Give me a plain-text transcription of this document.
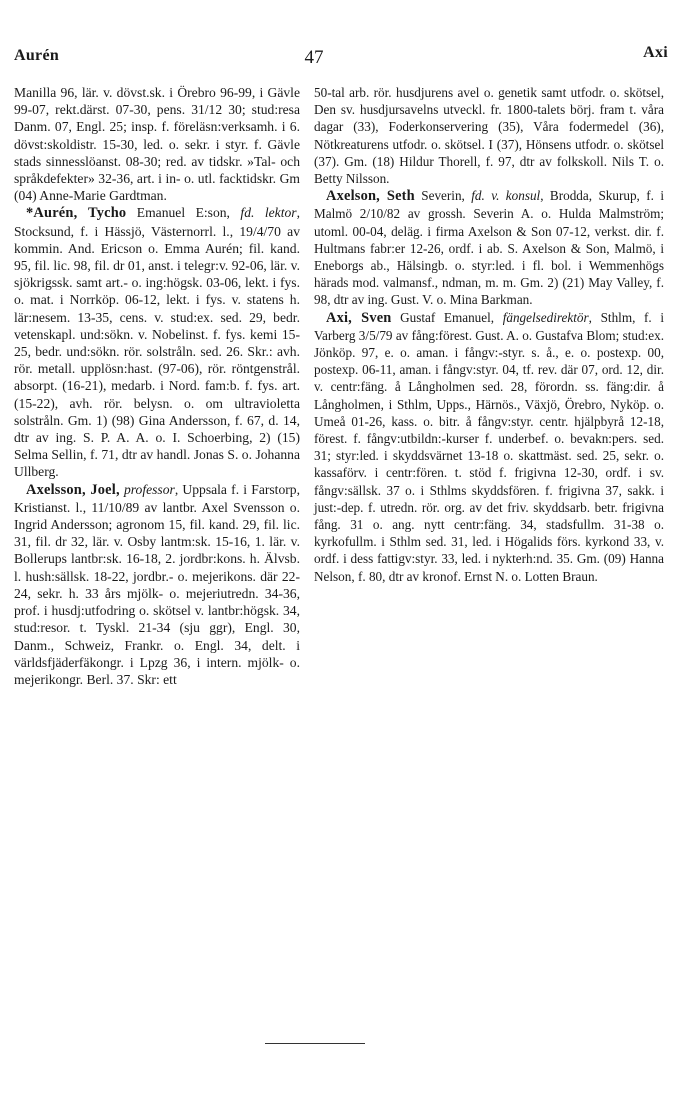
Aurén	47	Axi

Manilla 96, lär. v. dövst.sk. i Örebro 96-99, i Gävle 99-07, rekt.därst. 07-30, pens. 31/12 30; stud:resa Danm. 07, Engl. 25; insp. f. föreläsn:verksamh. i 6. dövst:skoldistr. 15-30, led. o. sekr. i styr. f. Gävle stads sinnesslöanst. 08-30; red. av tidskr. »Tal- och språkdefekter» 32-36, art. i in- o. utl. facktidskr. Gm (04) Anne-Marie Gardtman.

*Aurén, Tycho Emanuel E:son, fd. lektor, Stocksund, f. i Hässjö, Västernorrl. l., 19/4/70 av kommin. And. Ericson o. Emma Aurén; fil. kand. 95, fil. lic. 98, fil. dr 01, anst. i telegr:v. 92-06, lär. v. sjökrigssk. samt art.- o. ing:högsk. 03-06, lekt. i fys. o. mat. i Norrköp. 06-12, lekt. i fys. v. statens h. lär:nesem. 13-35, cens. v. stud:ex. sed. 29, bedr. vetenskapl. und:sökn. v. Nobelinst. f. fys. kemi 15-25, bedr. und:sökn. rör. solstråln. sed. 26. Skr.: avh. rör. metall. upplösn:hast. (97-06), rör. röntgenstrål. absorpt. (16-21), medarb. i Nord. fam:b. f. fys. art. (15-22), avh. rör. belysn. o. om ultravioletta solstråln. Gm. 1) (98) Gina Andersson, f. 67, d. 14, dtr av ing. S. P. A. A. o. I. Schoerbing, 2) (15) Selma Sellin, f. 71, dtr av handl. Jonas S. o. Johanna Ullberg.

Axelsson, Joel, professor, Uppsala f. i Farstorp, Kristianst. l., 11/10/89 av lantbr. Axel Svensson o. Ingrid Andersson; agronom 15, fil. kand. 29, fil. lic. 31, fil. dr 32, lär. v. Osby lantm:sk. 15-16, 1. lär. v. Bollerups lantbr:sk. 16-18, 2. jordbr:kons. h. Älvsb. l. hush:sällsk. 18-22, jordbr.- o. mejerikons. där 22-24, sekr. h. 33 års mjölk- o. mejeriutredn. 34-36, prof. i husdj:utfodring o. skötsel v. lantbr:högsk. 34, stud:resor. t. Tyskl. 21-34 (sju ggr), Engl. 30, Danm., Schweiz, Frankr. o. Engl. 34, delt. i världsfjäderfäkongr. i Lpzg 36, i intern. mjölk- o. mejerikongr. Berl. 37. Skr: ett

50-tal arb. rör. husdjurens avel o. genetik samt utfodr. o. skötsel, Den sv. husdjursavelns utveckl. fr. 1800-talets börj. fram t. våra dagar (33), Foderkonservering (35), Våra fodermedel (36), Nötkreaturens utfodr. o. skötsel. I (37), Hönsens utfodr. o. skötsel (37). Gm. (18) Hildur Thorell, f. 97, dtr av folkskoll. Nils T. o. Betty Nilsson.

Axelson, Seth Severin, fd. v. konsul, Brodda, Skurup, f. i Malmö 2/10/82 av grossh. Severin A. o. Hulda Malmström; utoml. 00-04, deläg. i firma Axelson & Son 07-12, verkst. dir. f. Hultmans fabr:er 12-26, ordf. i ab. S. Axelson & Son, Malmö, i Eneborgs ab., Hälsingb. o. styr:led. i fl. bol. i Wemmenhögs härads mod. valmansf., ndman, m. m. Gm. 2) (21) May Valley, f. 98, dtr av ing. Gust. V. o. Mina Barkman.

Axi, Sven Gustaf Emanuel, fängelsedirektör, Sthlm, f. i Varberg 3/5/79 av fång:förest. Gust. A. o. Gustafva Blom; stud:ex. Jönköp. 97, e. o. aman. i fångv:-styr. s. å., e. o. postexp. 00, postexp. 06-11, aman. i fångv:styr. 04, tf. rev. där 07, ord. 12, dir. v. centr:fäng. å Långholmen sed. 28, förordn. ss. fäng:dir. å Långholmen, i Sthlm, Upps., Härnös., Växjö, Örebro, Nyköp. o. Umeå 01-26, kass. o. bitr. å fångv:styr. centr. hjälpbyrå 12-18, förest. f. fångv:utbildn:-kurser f. underbef. o. bevakn:pers. sed. 31; styr:led. i skyddsvärnet 13-18 o. skattmäst. sed. 25, sekr. o. kassaförv. i centr:fören. t. stöd f. frigivna 12-30, ordf. i sv. fångv:sällsk. 37 o. i Sthlms skyddsfören. f. frigivna 37, sakk. i just:-dep. f. utredn. rör. org. av det friv. skyddsarb. betr. frigivna fång. 31 o. ang. nytt centr:fäng. 34, stadsfullm. 31-38 o. kyrkofullm. i Sthlm sed. 31, led. i Högalids förs. kyrkond 33, v. ordf. i dess fattigv:styr. 33, led. i nykterh:nd. 35. Gm. (09) Hanna Nelson, f. 80, dtr av kronof. Ernst N. o. Lotten Braun.
